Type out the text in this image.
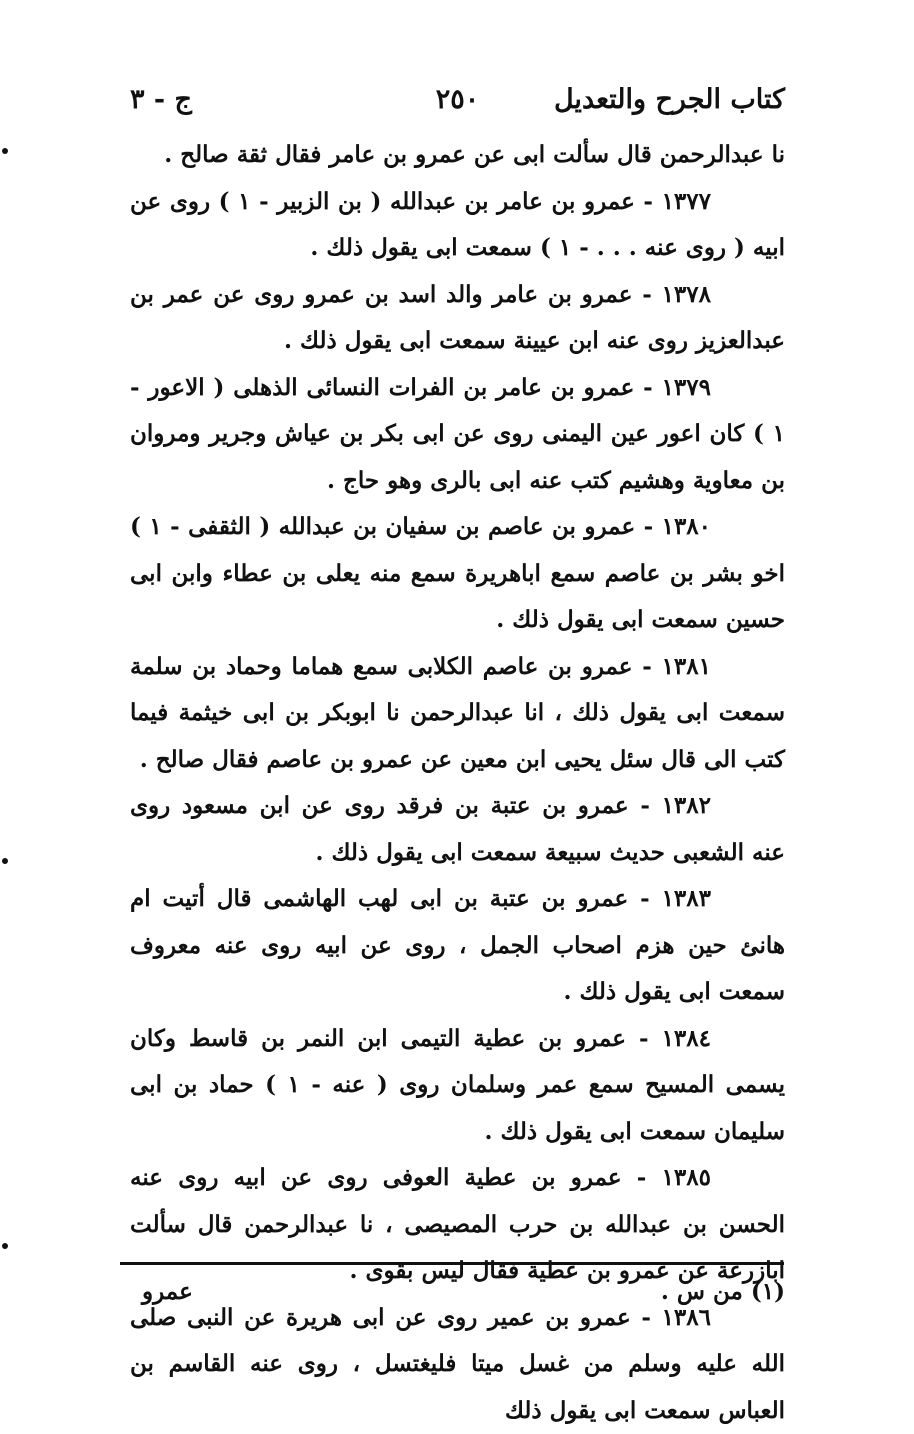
كتاب الجرح والتعديل
٢٥٠
ج - ٣

نا عبدالرحمن قال سألت ابى عن عمرو بن عامر فقال ثقة صالح .

١٣٧٧ - عمرو بن عامر بن عبدالله ( بن الزبير - ١ ) روى عن ابيه ( روى عنه . . . - ١ ) سمعت ابى يقول ذلك .

١٣٧٨ - عمرو بن عامر والد اسد بن عمرو روى عن عمر بن عبدالعزيز روى عنه ابن عيينة سمعت ابى يقول ذلك .

١٣٧٩ - عمرو بن عامر بن الفرات النسائى الذهلى ( الاعور - ١ ) كان اعور عين اليمنى روى عن ابى بكر بن عياش وجرير ومروان بن معاوية وهشيم كتب عنه ابى بالرى وهو حاج .

١٣٨٠ - عمرو بن عاصم بن سفيان بن عبدالله ( الثقفى - ١ ) اخو بشر بن عاصم سمع اباهريرة سمع منه يعلى بن عطاء وابن ابى حسين سمعت ابى يقول ذلك .

١٣٨١ - عمرو بن عاصم الكلابى سمع هماما وحماد بن سلمة سمعت ابى يقول ذلك ، انا عبدالرحمن نا ابوبكر بن ابى خيثمة فيما كتب الى قال سئل يحيى ابن معين عن عمرو بن عاصم فقال صالح .

١٣٨٢ - عمرو بن عتبة بن فرقد روى عن ابن مسعود روى عنه الشعبى حديث سبيعة سمعت ابى يقول ذلك .

١٣٨٣ - عمرو بن عتبة بن ابى لهب الهاشمى قال أتيت ام هانئ حين هزم اصحاب الجمل ، روى عن ابيه روى عنه معروف سمعت ابى يقول ذلك .

١٣٨٤ - عمرو بن عطية التيمى ابن النمر بن قاسط وكان يسمى المسيح سمع عمر وسلمان روى ( عنه - ١ ) حماد بن ابى سليمان سمعت ابى يقول ذلك .

١٣٨٥ - عمرو بن عطية العوفى روى عن ابيه روى عنه الحسن بن عبدالله بن حرب المصيصى ، نا عبدالرحمن قال سألت ابازرعة عن عمرو بن عطية فقال ليس بقوى .

١٣٨٦ - عمرو بن عمير روى عن ابى هريرة عن النبى صلى الله عليه وسلم من غسل ميتا فليغتسل ، روى عنه القاسم بن العباس سمعت ابى يقول ذلك

(١) من س .
عمرو
